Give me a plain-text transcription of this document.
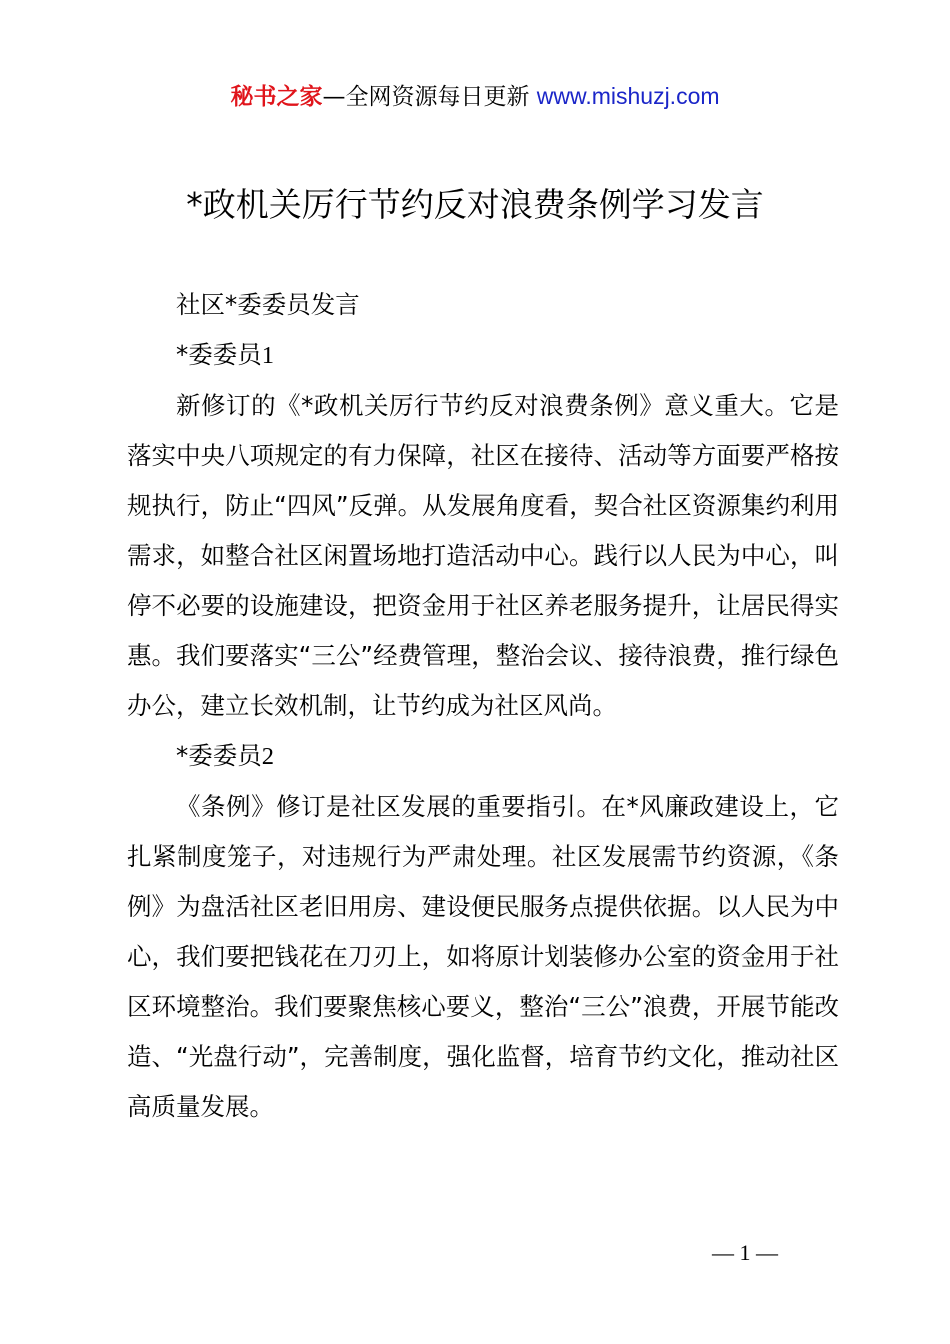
秘书之家—全网资源每日更新 www.mishuzj.com
*政机关厉行节约反对浪费条例学习发言

社区*委委员发言

*委委员1

新修订的《*政机关厉行节约反对浪费条例》意义重大。它是落实中央八项规定的有力保障，社区在接待、活动等方面要严格按规执行，防止“四风”反弹。从发展角度看，契合社区资源集约利用需求，如整合社区闲置场地打造活动中心。践行以人民为中心，叫停不必要的设施建设，把资金用于社区养老服务提升，让居民得实惠。我们要落实“三公”经费管理，整治会议、接待浪费，推行绿色办公，建立长效机制，让节约成为社区风尚。

*委委员2

《条例》修订是社区发展的重要指引。在*风廉政建设上，它扎紧制度笼子，对违规行为严肃处理。社区发展需节约资源，《条例》为盘活社区老旧用房、建设便民服务点提供依据。以人民为中心，我们要把钱花在刀刃上，如将原计划装修办公室的资金用于社区环境整治。我们要聚焦核心要义，整治“三公”浪费，开展节能改造、“光盘行动”，完善制度，强化监督，培育节约文化，推动社区高质量发展。

— 1 —
